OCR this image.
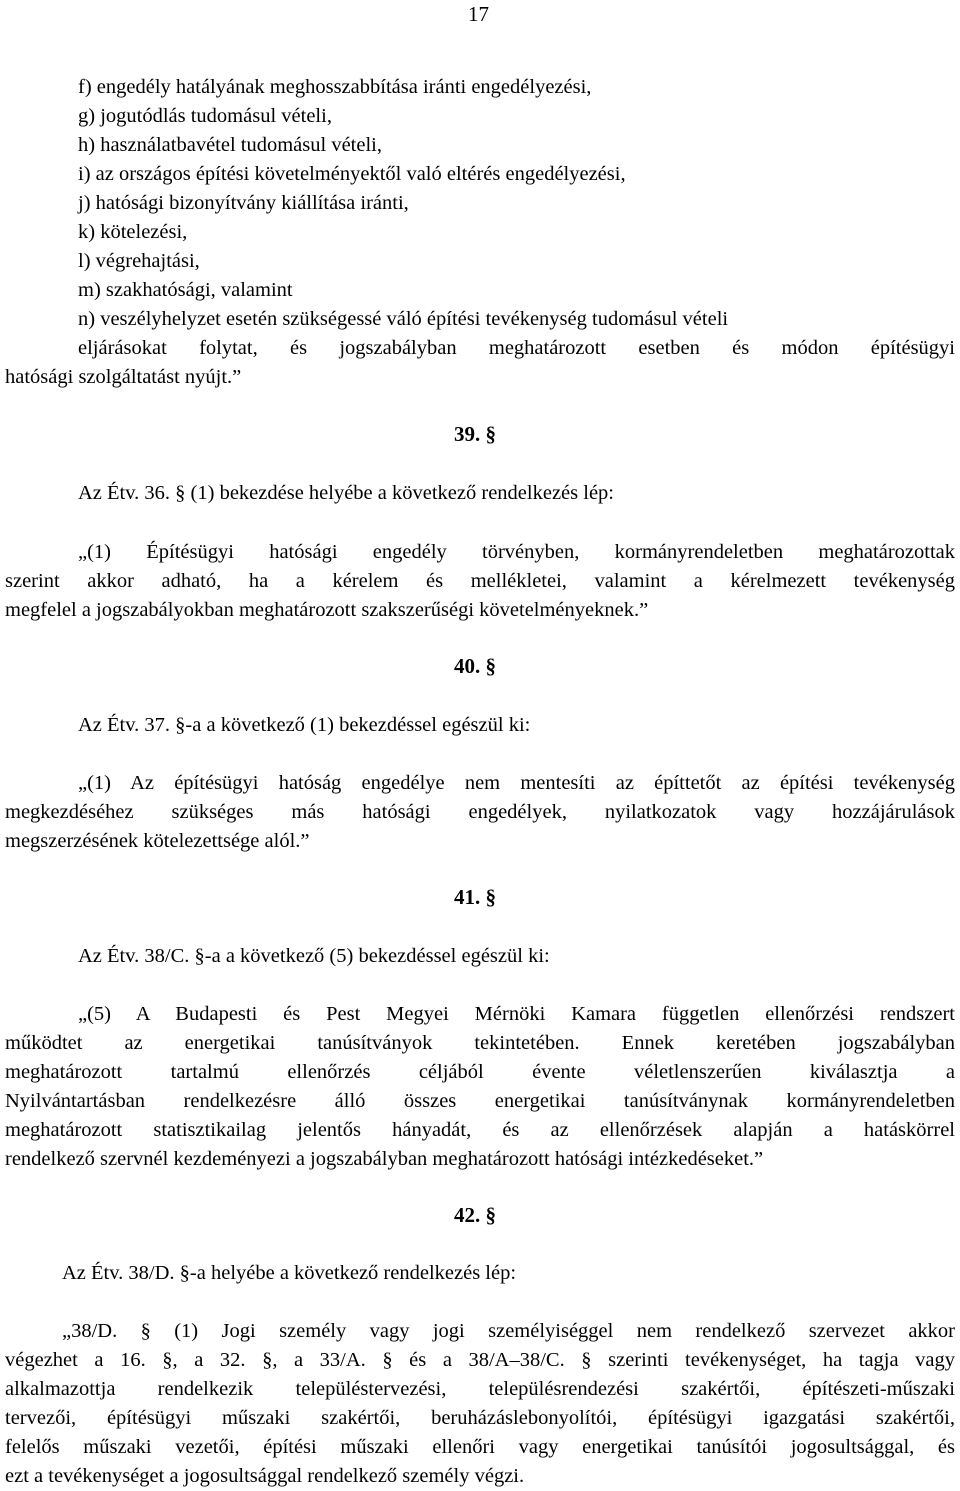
17
f) engedély hatályának meghosszabbítása iránti engedélyezési,
g) jogutódlás tudomásul vételi,
h) használatbavétel tudomásul vételi,
i) az országos építési követelményektől való eltérés engedélyezési,
j) hatósági bizonyítvány kiállítása iránti,
k) kötelezési,
l) végrehajtási,
m) szakhatósági, valamint
n) veszélyhelyzet esetén szükségessé váló építési tevékenység tudomásul vételi
eljárásokat folytat, és jogszabályban meghatározott esetben és módon építésügyi
hatósági szolgáltatást nyújt.”
39. §
Az Étv. 36. § (1) bekezdése helyébe a következő rendelkezés lép:
„(1) Építésügyi hatósági engedély törvényben, kormányrendeletben meghatározottak
szerint akkor adható, ha a kérelem és mellékletei, valamint a kérelmezett tevékenység
megfelel a jogszabályokban meghatározott szakszerűségi követelményeknek.”
40. §
Az Étv. 37. §-a a következő (1) bekezdéssel egészül ki:
„(1) Az építésügyi hatóság engedélye nem mentesíti az építtetőt az építési tevékenység
megkezdéséhez szükséges más hatósági engedélyek, nyilatkozatok vagy hozzájárulások
megszerzésének kötelezettsége alól.”
41. §
Az Étv. 38/C. §-a a következő (5) bekezdéssel egészül ki:
„(5) A Budapesti és Pest Megyei Mérnöki Kamara független ellenőrzési rendszert
működtet az energetikai tanúsítványok tekintetében. Ennek keretében jogszabályban
meghatározott tartalmú ellenőrzés céljából évente véletlenszerűen kiválasztja a
Nyilvántartásban rendelkezésre álló összes energetikai tanúsítványnak kormányrendeletben
meghatározott statisztikailag jelentős hányadát, és az ellenőrzések alapján a hatáskörrel
rendelkező szervnél kezdeményezi a jogszabályban meghatározott hatósági intézkedéseket.”
42. §
Az Étv. 38/D. §-a helyébe a következő rendelkezés lép:
„38/D. § (1) Jogi személy vagy jogi személyiséggel nem rendelkező szervezet akkor
végezhet a 16. §, a 32. §, a 33/A. § és a 38/A–38/C. § szerinti tevékenységet, ha tagja vagy
alkalmazottja rendelkezik településtervezési, településrendezési szakértői, építészeti-műszaki
tervezői, építésügyi műszaki szakértői, beruházáslebonyolítói, építésügyi igazgatási szakértői,
felelős műszaki vezetői, építési műszaki ellenőri vagy energetikai tanúsítói jogosultsággal, és
ezt a tevékenységet a jogosultsággal rendelkező személy végzi.
